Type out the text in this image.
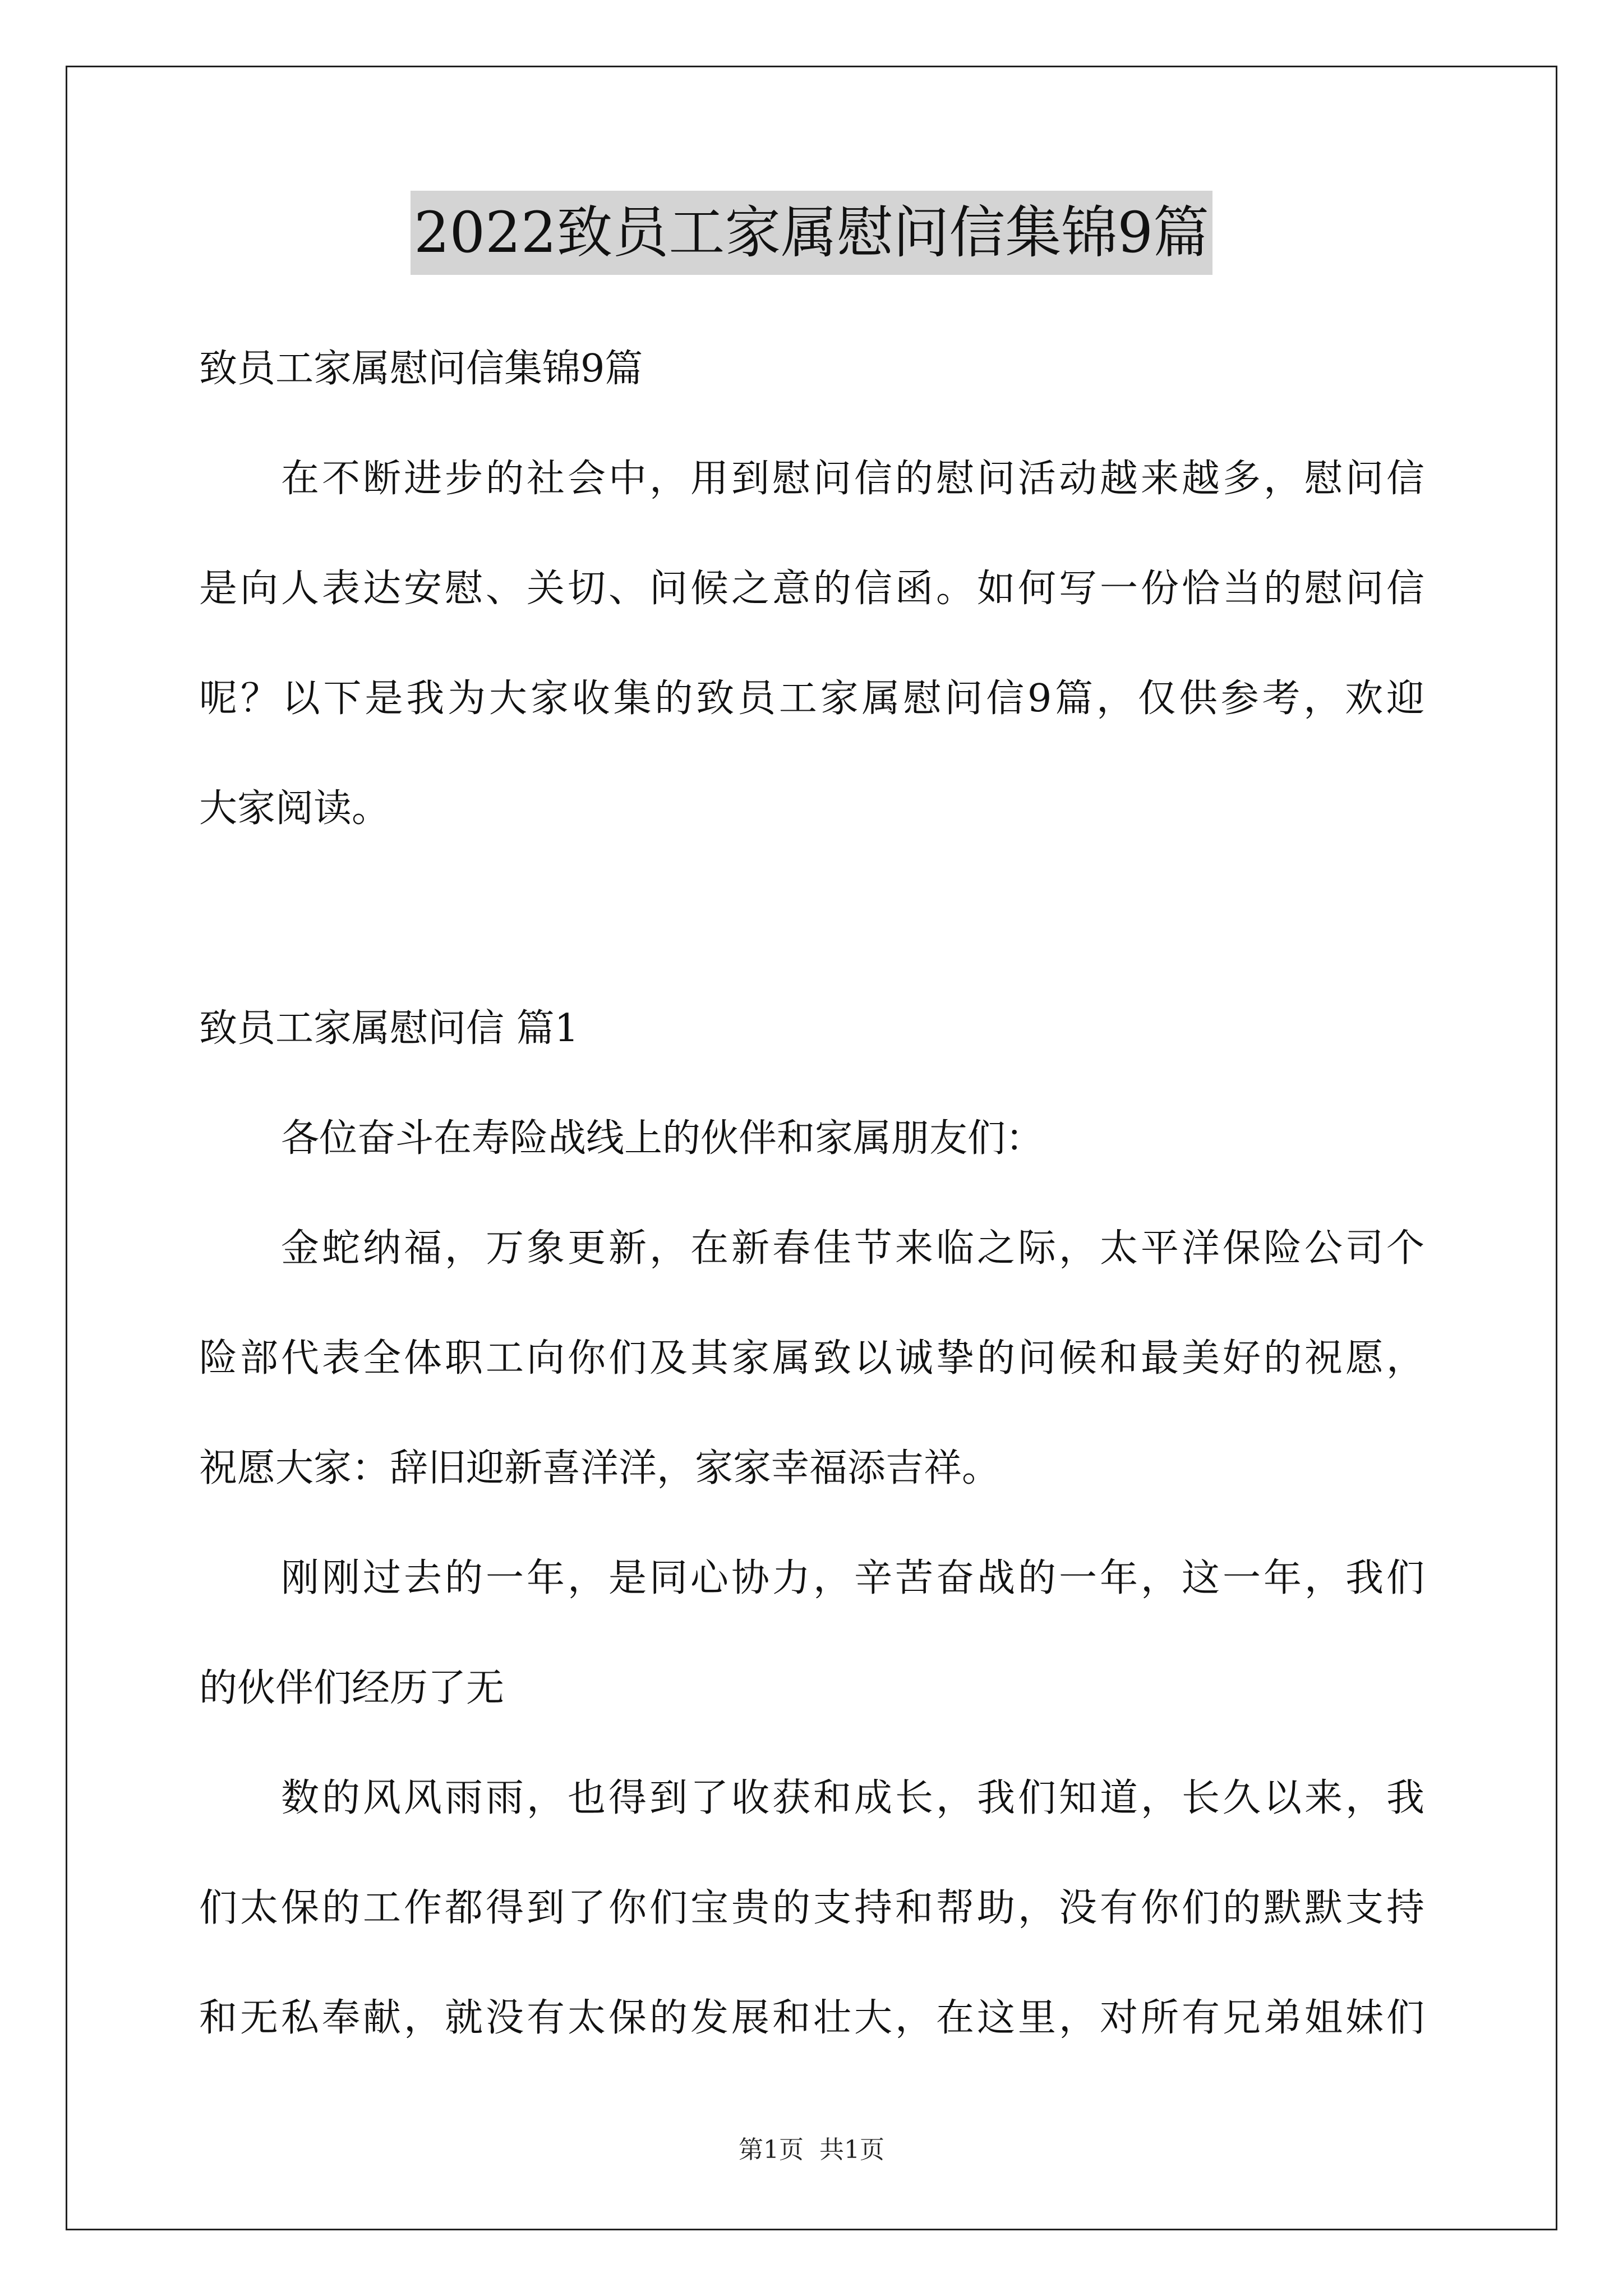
2022致员工家属慰问信集锦9篇
致员工家属慰问信集锦9篇
在不断进步的社会中，用到慰问信的慰问活动越来越多，慰问信
是向人表达安慰、关切、问候之意的信函。如何写一份恰当的慰问信
呢？以下是我为大家收集的致员工家属慰问信9篇，仅供参考，欢迎
大家阅读。
致员工家属慰问信 篇1
各位奋斗在寿险战线上的伙伴和家属朋友们：
金蛇纳福，万象更新，在新春佳节来临之际，太平洋保险公司个
险部代表全体职工向你们及其家属致以诚挚的问候和最美好的祝愿，
祝愿大家：辞旧迎新喜洋洋，家家幸福添吉祥。
刚刚过去的一年，是同心协力，辛苦奋战的一年，这一年，我们
的伙伴们经历了无
数的风风雨雨，也得到了收获和成长，我们知道，长久以来，我
们太保的工作都得到了你们宝贵的支持和帮助，没有你们的默默支持
和无私奉献，就没有太保的发展和壮大，在这里，对所有兄弟姐妹们
第1页 共1页
